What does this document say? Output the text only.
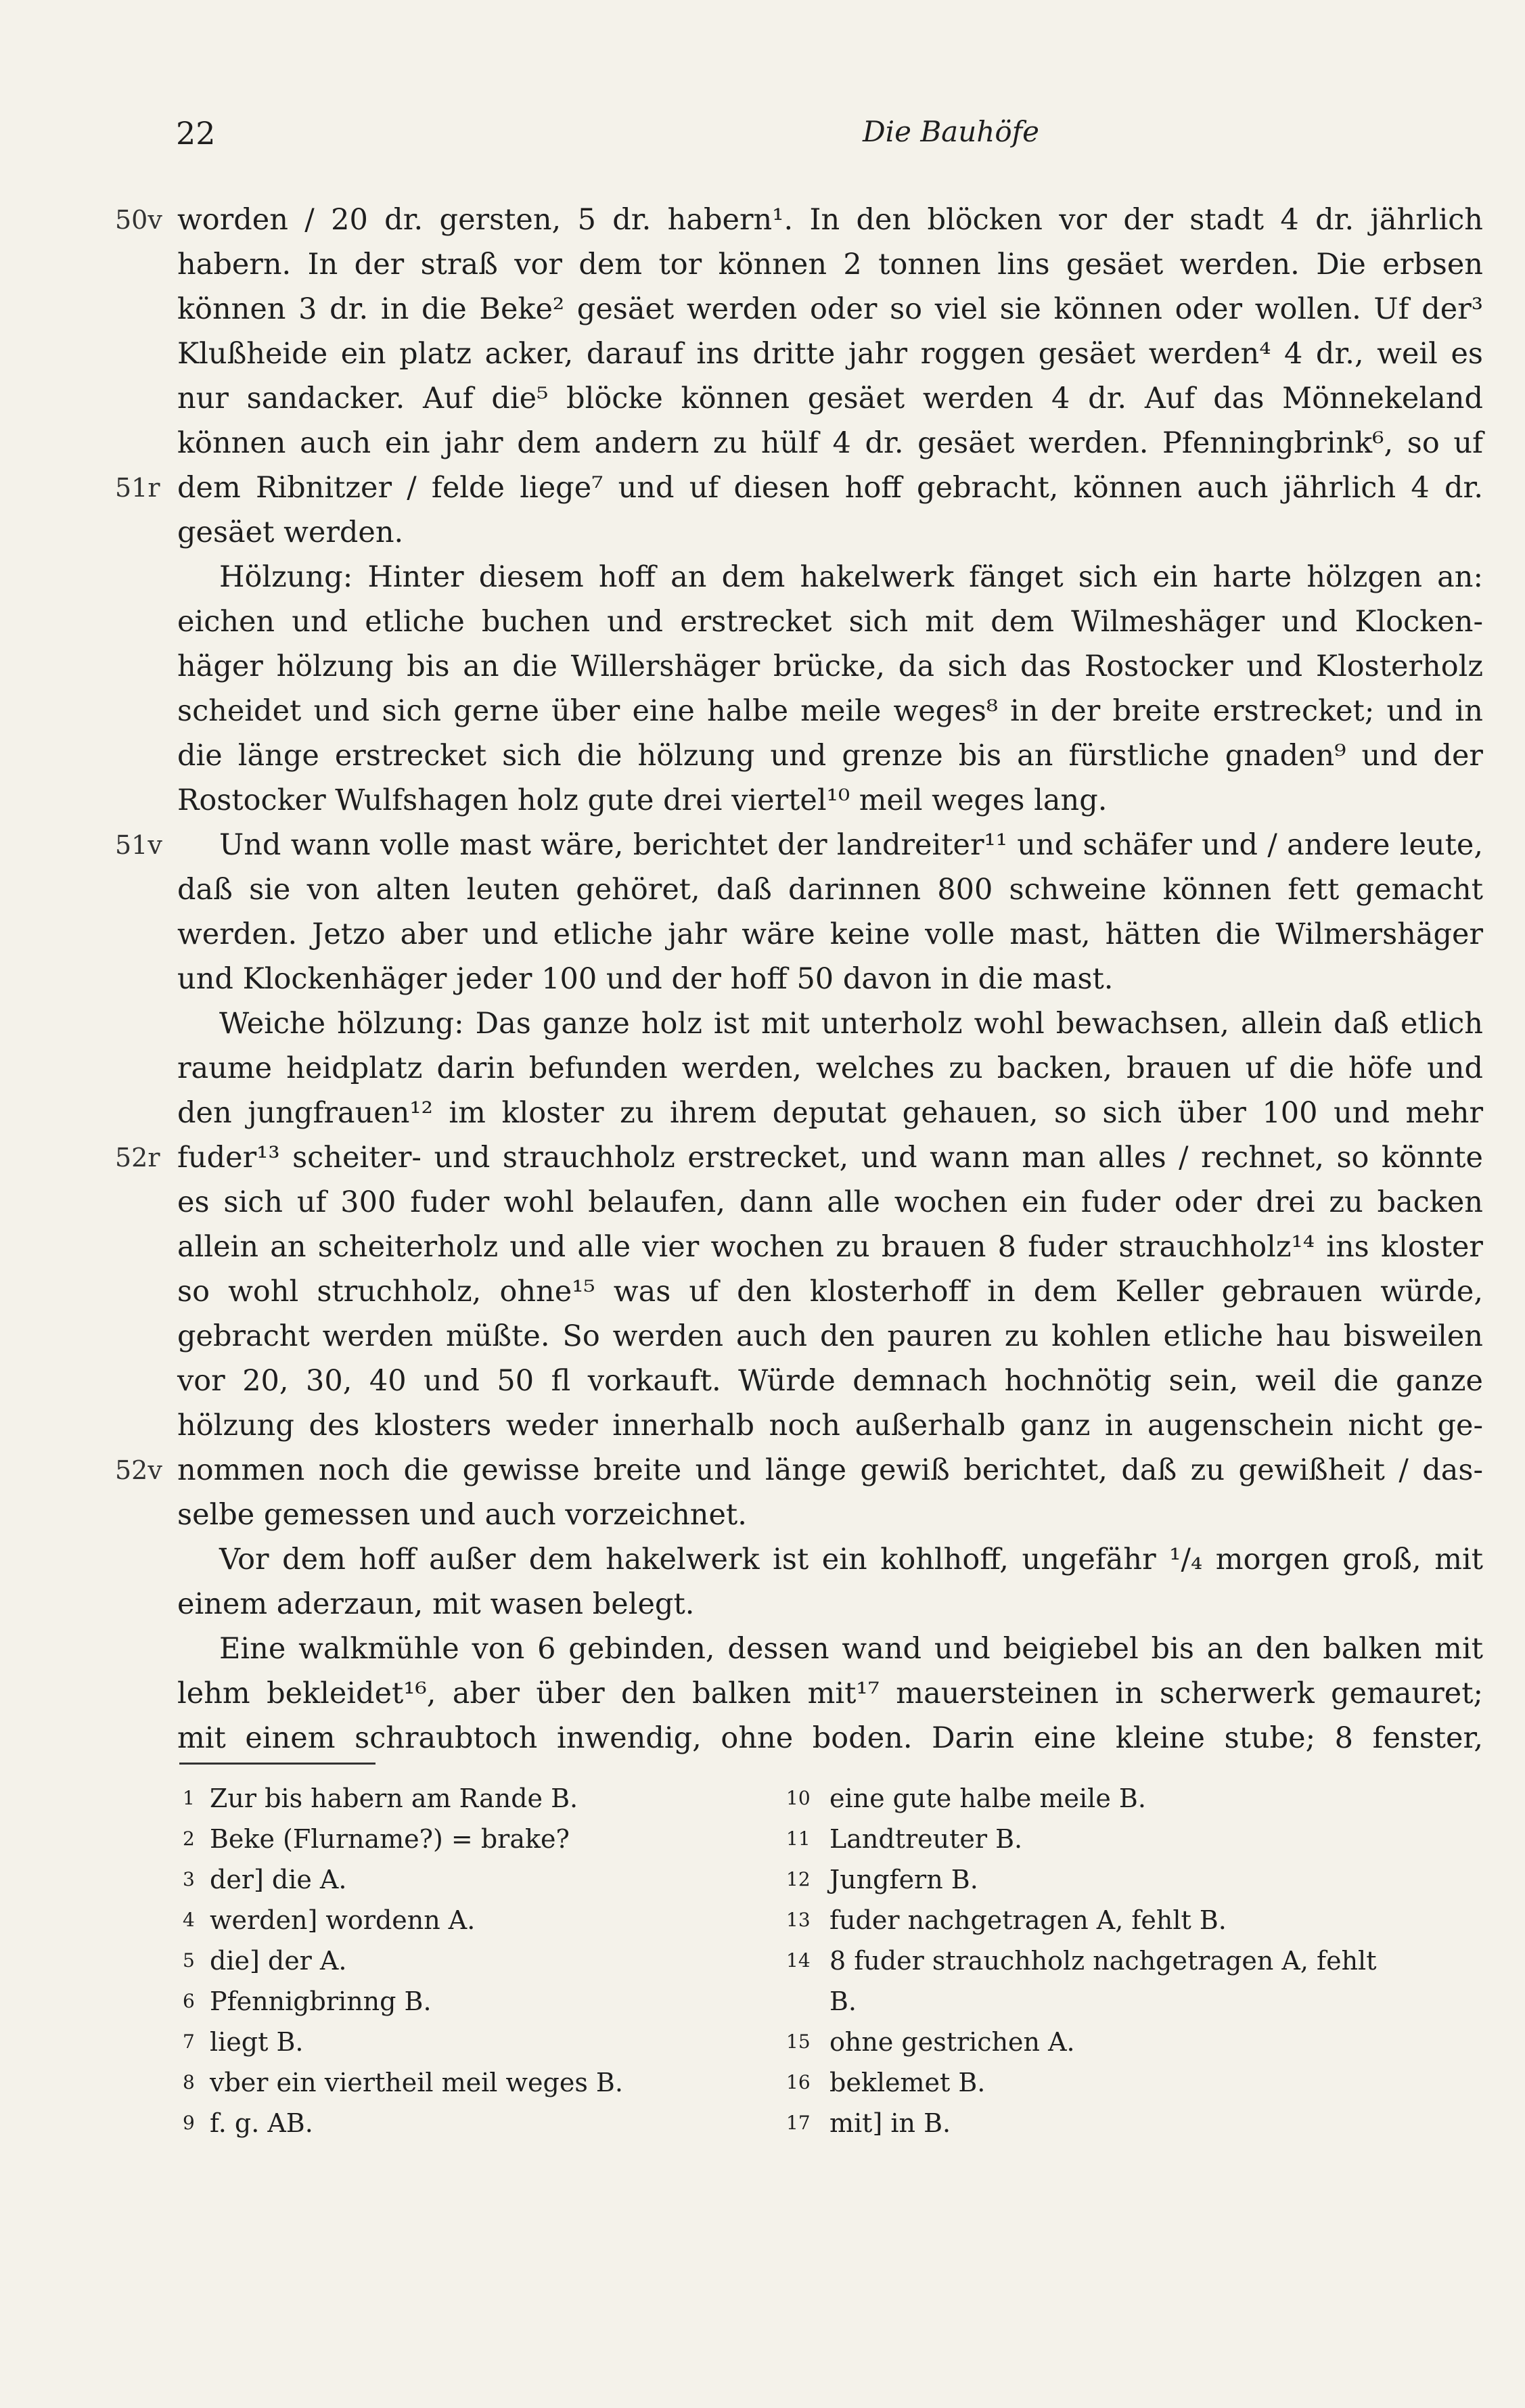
22	Die Bauhöfe
50v worden / 20 dr. gersten, 5 dr. habern¹. In den blöcken vor der stadt 4 dr. jährlich
habern. In der straß vor dem tor können 2 tonnen lins gesäet werden. Die erbsen
können 3 dr. in die Beke² gesäet werden oder so viel sie können oder wollen. Uf der³
Klußheide ein platz acker, darauf ins dritte jahr roggen gesäet werden⁴ 4 dr., weil es
nur sandacker. Auf die⁵ blöcke können gesäet werden 4 dr. Auf das Mönnekeland
können auch ein jahr dem andern zu hülf 4 dr. gesäet werden. Pfenningbrink⁶, so uf
51r dem Ribnitzer / felde liege⁷ und uf diesen hoff gebracht, können auch jährlich 4 dr.
gesäet werden.
Hölzung: Hinter diesem hoff an dem hakelwerk fänget sich ein harte hölzgen an:
eichen und etliche buchen und erstrecket sich mit dem Wilmeshäger und Klocken-
häger hölzung bis an die Willershäger brücke, da sich das Rostocker und Klosterholz
scheidet und sich gerne über eine halbe meile weges⁸ in der breite erstrecket; und in
die länge erstrecket sich die hölzung und grenze bis an fürstliche gnaden⁹ und der
Rostocker Wulfshagen holz gute drei viertel¹⁰ meil weges lang.
51v	Und wann volle mast wäre, berichtet der landreiter¹¹ und schäfer und / andere leute,
daß sie von alten leuten gehöret, daß darinnen 800 schweine können fett gemacht
werden. Jetzo aber und etliche jahr wäre keine volle mast, hätten die Wilmershäger
und Klockenhäger jeder 100 und der hoff 50 davon in die mast.
Weiche hölzung: Das ganze holz ist mit unterholz wohl bewachsen, allein daß etlich
raume heidplatz darin befunden werden, welches zu backen, brauen uf die höfe und
den jungfrauen¹² im kloster zu ihrem deputat gehauen, so sich über 100 und mehr
52r fuder¹³ scheiter- und strauchholz erstrecket, und wann man alles / rechnet, so könnte
es sich uf 300 fuder wohl belaufen, dann alle wochen ein fuder oder drei zu backen
allein an scheiterholz und alle vier wochen zu brauen 8 fuder strauchholz¹⁴ ins kloster
so wohl struchholz, ohne¹⁵ was uf den klosterhoff in dem Keller gebrauen würde,
gebracht werden müßte. So werden auch den pauren zu kohlen etliche hau bisweilen
vor 20, 30, 40 und 50 fl vorkauft. Würde demnach hochnötig sein, weil die ganze
hölzung des klosters weder innerhalb noch außerhalb ganz in augenschein nicht ge-
52v nommen noch die gewisse breite und länge gewiß berichtet, daß zu gewißheit / das-
selbe gemessen und auch vorzeichnet.
Vor dem hoff außer dem hakelwerk ist ein kohlhoff, ungefähr ¹/₄ morgen groß, mit
einem aderzaun, mit wasen belegt.
Eine walkmühle von 6 gebinden, dessen wand und beigiebel bis an den balken mit
lehm bekleidet¹⁶, aber über den balken mit¹⁷ mauersteinen in scherwerk gemauret;
mit einem schraubtoch inwendig, ohne boden. Darin eine kleine stube; 8 fenster,
1 Zur bis habern am Rande B.
2 Beke (Flurname?) = brake?
3 der] die A.
4 werden] wordenn A.
5 die] der A.
6 Pfennigbrinng B.
7 liegt B.
8 vber ein viertheil meil weges B.
9 f. g. AB.
10 eine gute halbe meile B.
11 Landtreuter B.
12 Jungfern B.
13 fuder nachgetragen A, fehlt B.
14 8 fuder strauchholz nachgetragen A, fehlt
B.
15 ohne gestrichen A.
16 beklemet B.
17 mit] in B.
